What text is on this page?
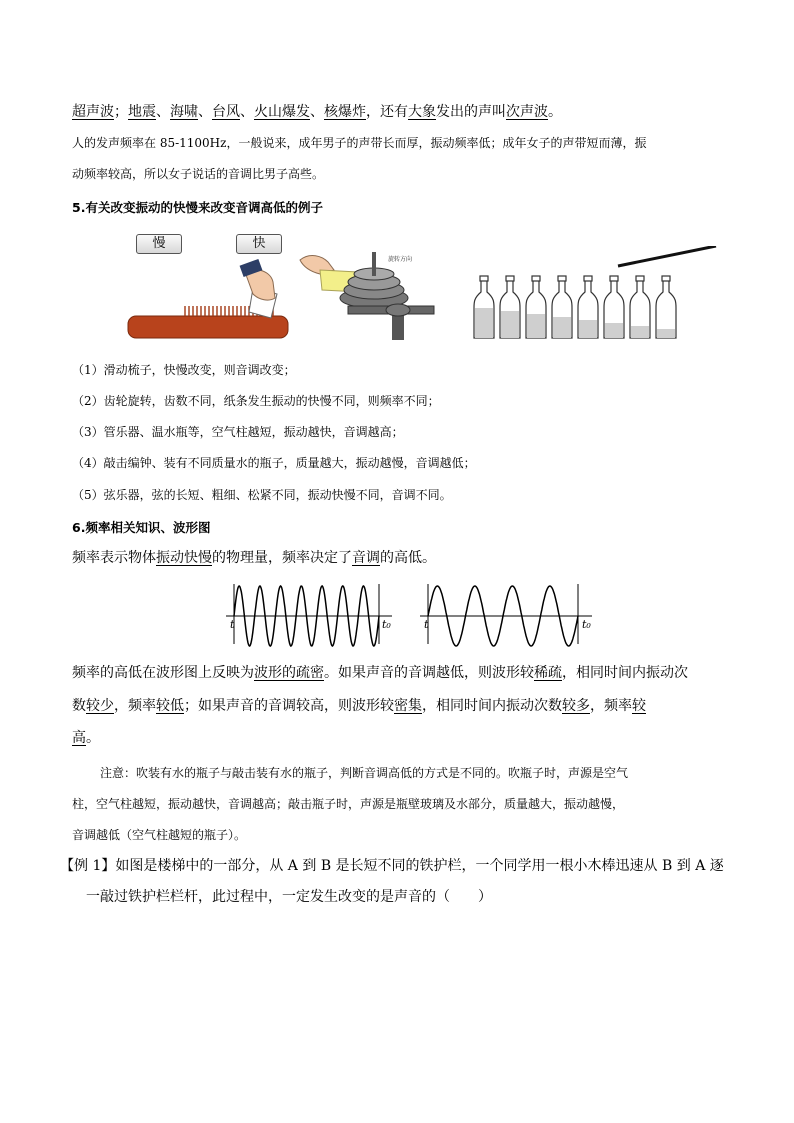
超声波；地震、海啸、台风、火山爆发、核爆炸，还有大象发出的声叫次声波。
人的发声频率在 85-1100Hz，一般说来，成年男子的声带长而厚，振动频率低；成年女子的声带短而薄，振
动频率较高，所以女子说话的音调比男子高些。
5.有关改变振动的快慢来改变音调高低的例子
慢	快
旋转方向
（1）滑动梳子，快慢改变，则音调改变；
（2）齿轮旋转，齿数不同，纸条发生振动的快慢不同，则频率不同；
（3）管乐器、温水瓶等，空气柱越短，振动越快，音调越高；
（4）敲击编钟、装有不同质量水的瓶子，质量越大，振动越慢，音调越低；
（5）弦乐器，弦的长短、粗细、松紧不同，振动快慢不同，音调不同。
6.频率相关知识、波形图
频率表示物体振动快慢的物理量，频率决定了音调的高低。
t	t₀	t	t₀
频率的高低在波形图上反映为波形的疏密。如果声音的音调越低，则波形较稀疏，相同时间内振动次
数较少，频率较低；如果声音的音调较高，则波形较密集，相同时间内振动次数较多，频率较
高。
注意：吹装有水的瓶子与敲击装有水的瓶子，判断音调高低的方式是不同的。吹瓶子时，声源是空气
柱，空气柱越短，振动越快，音调越高；敲击瓶子时，声源是瓶壁玻璃及水部分，质量越大，振动越慢，
音调越低（空气柱越短的瓶子）。
【例 1】如图是楼梯中的一部分，从 A 到 B 是长短不同的铁护栏，一个同学用一根小木棒迅速从 B 到 A 逐
一敲过铁护栏栏杆，此过程中，一定发生改变的是声音的（　　）
